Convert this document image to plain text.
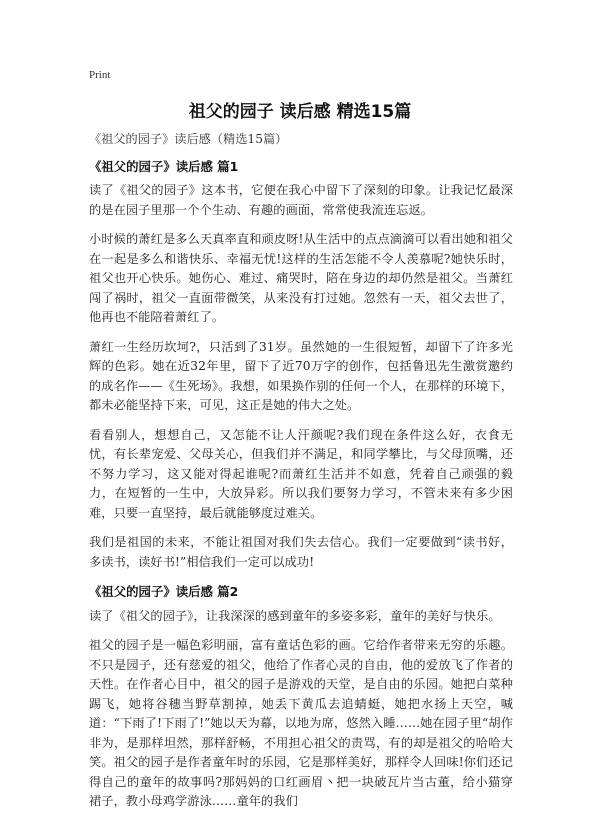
Print
祖父的园子 读后感 精选15篇

《祖父的园子》读后感（精选15篇）

《祖父的园子》读后感 篇1

读了《祖父的园子》这本书，它便在我心中留下了深刻的印象。让我记忆最深的是在园子里那一个个生动、有趣的画面，常常使我流连忘返。

小时候的萧红是多么天真率直和顽皮呀!从生活中的点点滴滴可以看出她和祖父在一起是多么和谐快乐、幸福无忧!这样的生活怎能不令人羡慕呢?她快乐时，祖父也开心快乐。她伤心、难过、痛哭时，陪在身边的却仍然是祖父。当萧红闯了祸时，祖父一直面带微笑，从来没有打过她。忽然有一天，祖父去世了，他再也不能陪着萧红了。

萧红一生经历坎坷?，只活到了31岁。虽然她的一生很短暂，却留下了许多光辉的色彩。她在近32年里，留下了近70万字的创作，包括鲁迅先生激赏邀约的成名作——《生死场》。我想，如果换作别的任何一个人，在那样的环境下，都未必能坚持下来，可见，这正是她的伟大之处。

看看别人，想想自己，又怎能不让人汗颜呢?我们现在条件这么好，衣食无忧，有长辈宠爱、父母关心，但我们并不满足，和同学攀比，与父母顶嘴，还不努力学习，这又能对得起谁呢?而萧红生活并不如意，凭着自己顽强的毅力，在短暂的一生中，大放异彩。所以我们要努力学习，不管未来有多少困难，只要一直坚持，最后就能够度过难关。

我们是祖国的未来，不能让祖国对我们失去信心。我们一定要做到“读书好，多读书，读好书!”相信我们一定可以成功!

《祖父的园子》读后感 篇2

读了《祖父的园子》，让我深深的感到童年的多姿多彩，童年的美好与快乐。

祖父的园子是一幅色彩明丽，富有童话色彩的画。它给作者带来无穷的乐趣。不只是园子，还有慈爱的祖父，他给了作者心灵的自由，他的爱放飞了作者的天性。在作者心目中，祖父的园子是游戏的天堂，是自由的乐园。她把白菜种踢飞，她将谷穗当野草割掉，她丢下黄瓜去追蜻蜓，她把水扬上天空，喊道：“下雨了!下雨了!”她以天为幕，以地为席，悠然入睡……她在园子里“胡作非为，是那样坦然，那样舒畅，不用担心祖父的责骂，有的却是祖父的哈哈大笑。祖父的园子是作者童年时的乐园，它是那样美好，那样令人回味!你们还记得自己的童年的故事吗?那妈妈的口红画眉丶把一块破瓦片当古董，给小猫穿裙子，教小母鸡学游泳……童年的我们
